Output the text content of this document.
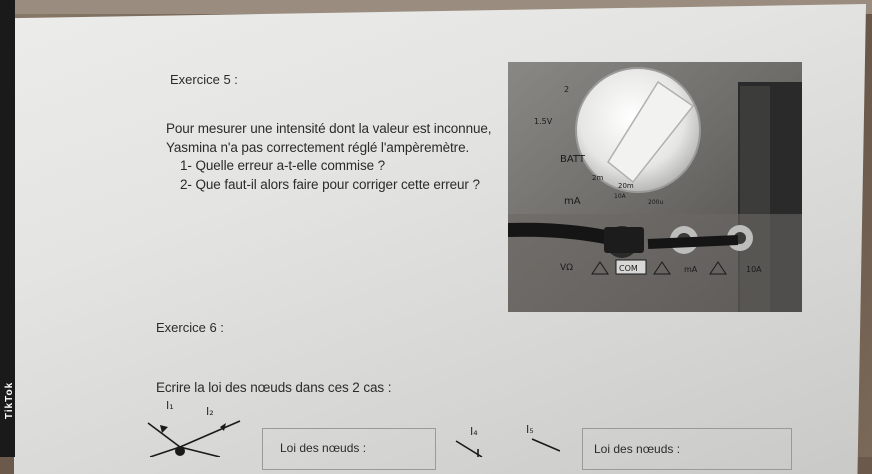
Exercice 5 :
Pour mesurer une intensité dont la valeur est inconnue,
Yasmina n'a pas correctement réglé l'ampèremètre.
1- Quelle erreur a-t-elle commise ?
2- Que faut-il alors faire pour corriger cette erreur ?
2
1.5V
BATT
2m
20m
10A
200u
mA
VΩ	COM	mA	10A
Exercice 6 :
Ecrire la loi des nœuds dans ces 2 cas :
I₁	I₂
I₄	I₅
Loi des nœuds :	Loi des nœuds :
TikTok
